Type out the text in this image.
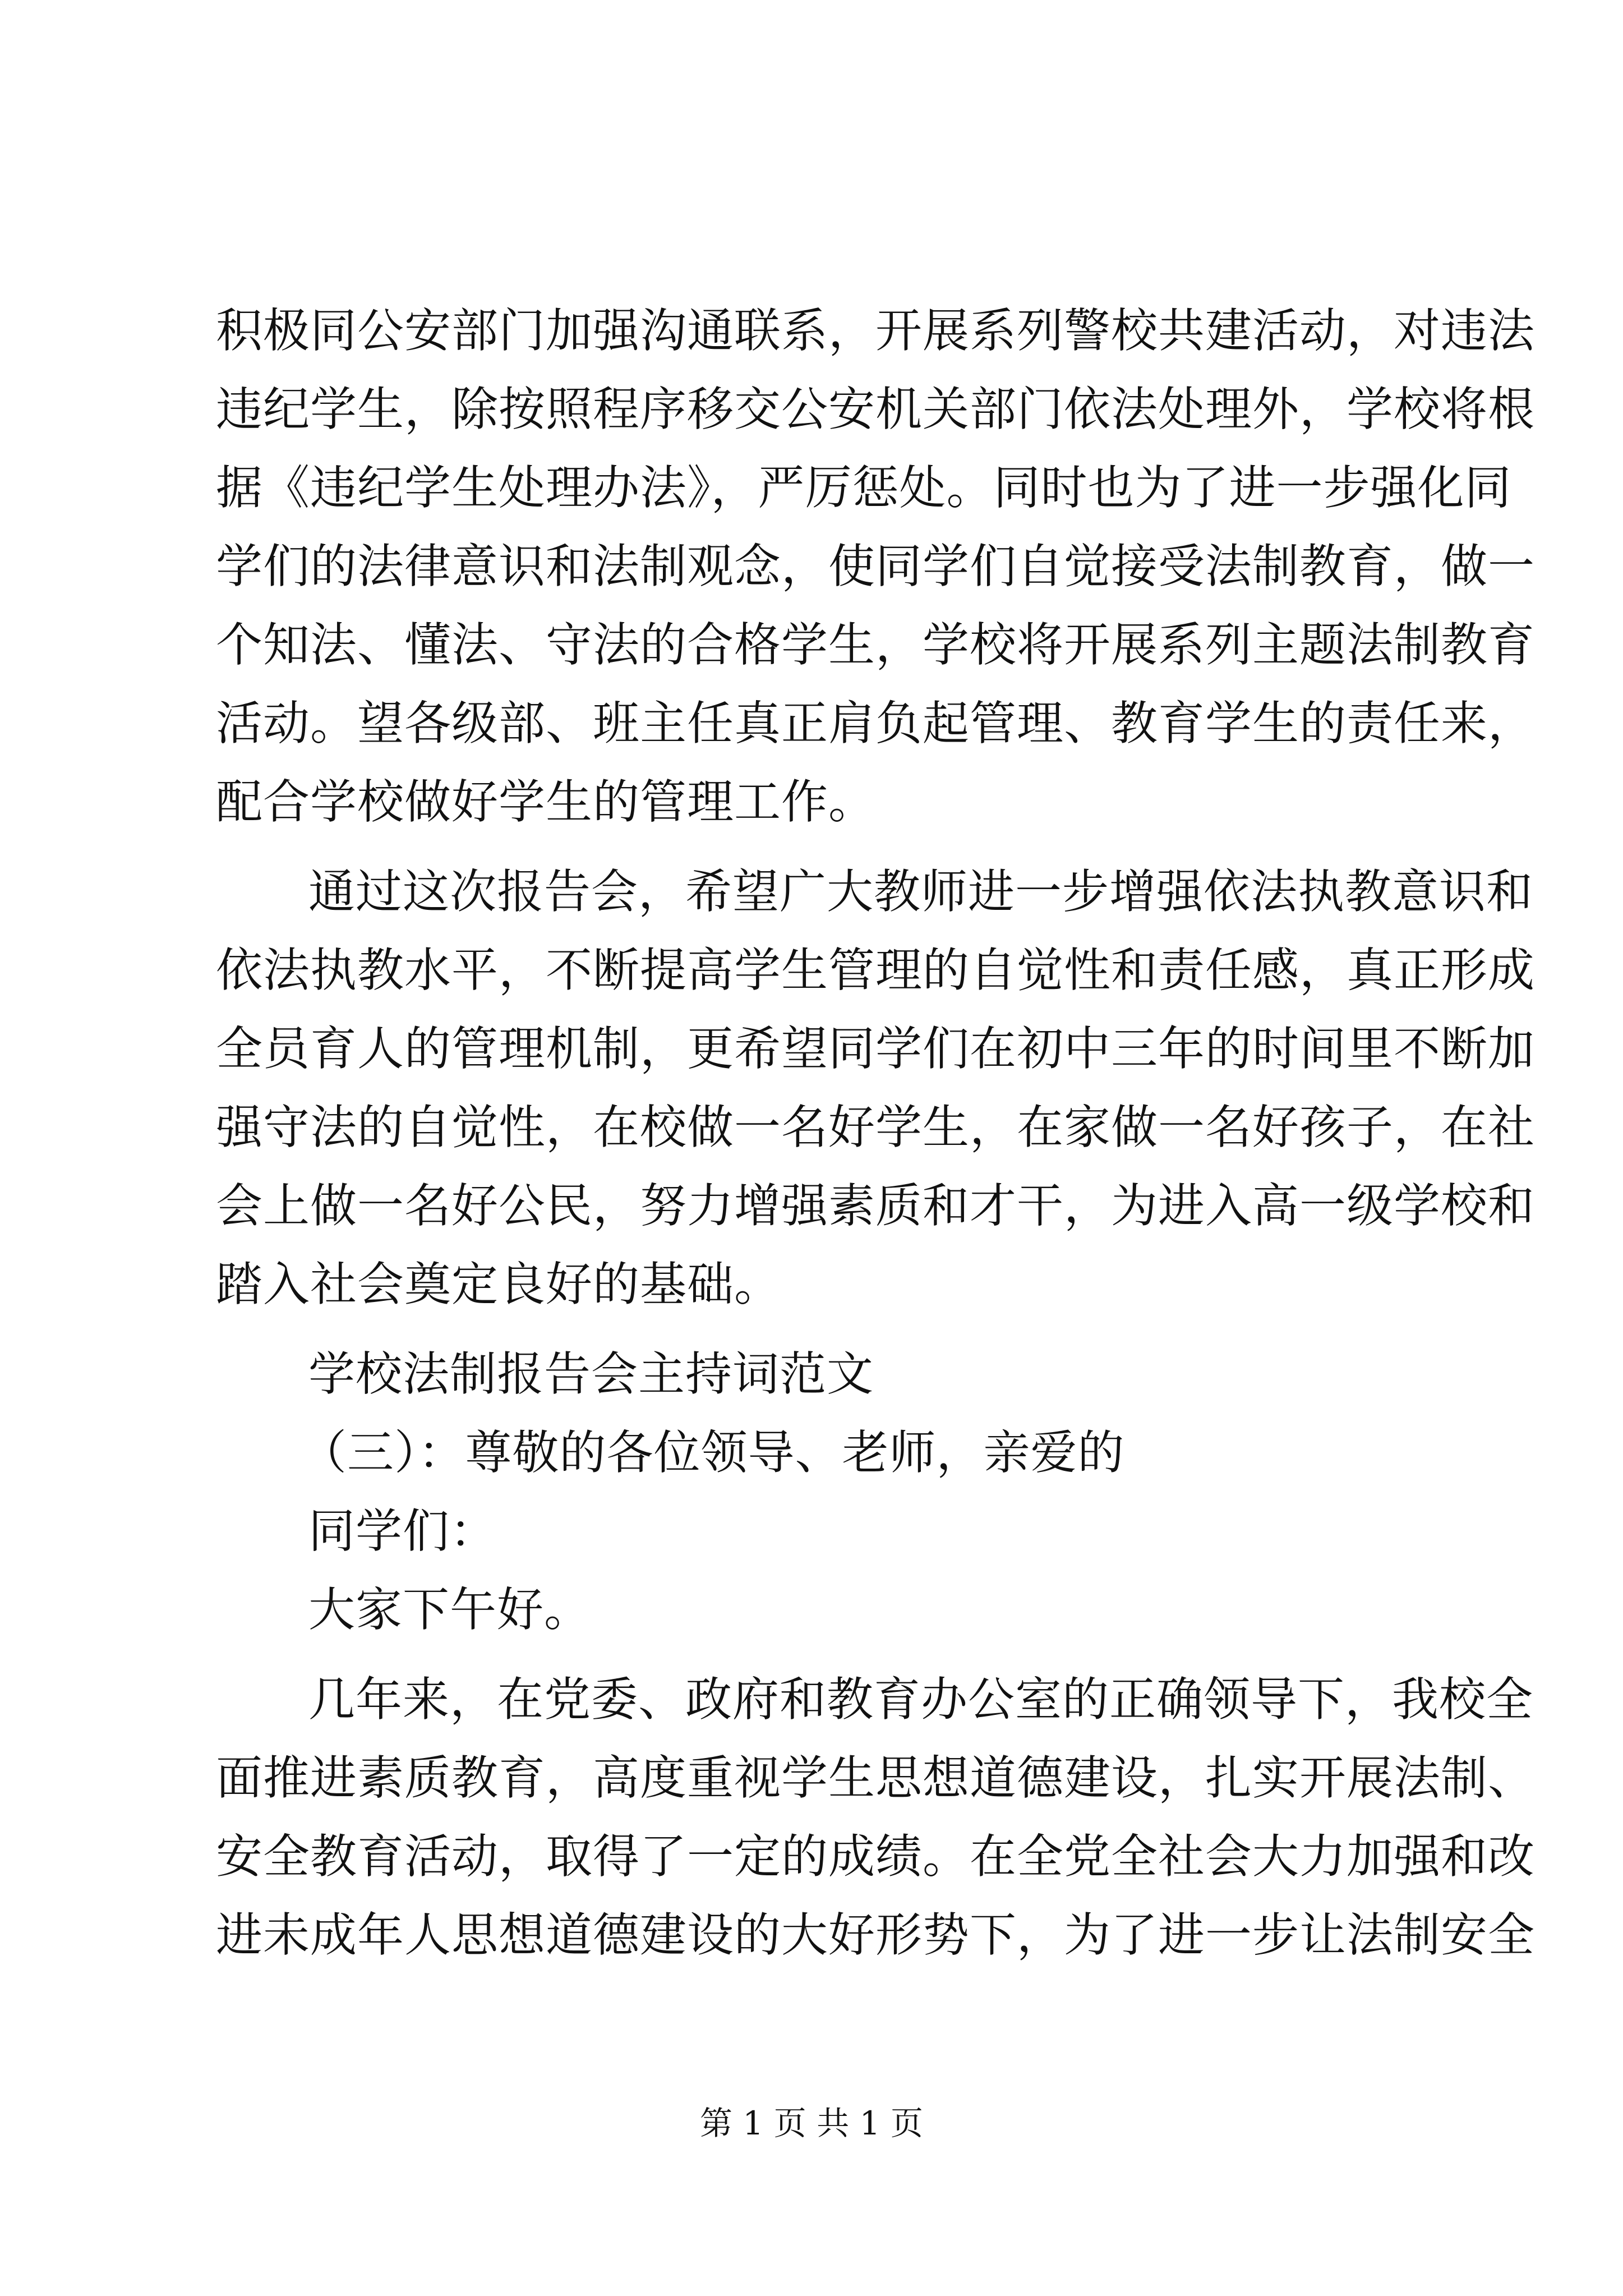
积极同公安部门加强沟通联系，开展系列警校共建活动，对违法
违纪学生，除按照程序移交公安机关部门依法处理外，学校将根
据《违纪学生处理办法》，严厉惩处。同时也为了进一步强化同
学们的法律意识和法制观念，使同学们自觉接受法制教育，做一
个知法、懂法、守法的合格学生，学校将开展系列主题法制教育
活动。望各级部、班主任真正肩负起管理、教育学生的责任来，
配合学校做好学生的管理工作。
通过这次报告会，希望广大教师进一步增强依法执教意识和
依法执教水平，不断提高学生管理的自觉性和责任感，真正形成
全员育人的管理机制，更希望同学们在初中三年的时间里不断加
强守法的自觉性，在校做一名好学生，在家做一名好孩子，在社
会上做一名好公民，努力增强素质和才干，为进入高一级学校和
踏入社会奠定良好的基础。
学校法制报告会主持词范文
（三）：尊敬的各位领导、老师，亲爱的
同学们：
大家下午好。
几年来，在党委、政府和教育办公室的正确领导下，我校全
面推进素质教育，高度重视学生思想道德建设，扎实开展法制、
安全教育活动，取得了一定的成绩。在全党全社会大力加强和改
进未成年人思想道德建设的大好形势下，为了进一步让法制安全
第 1 页 共 1 页
